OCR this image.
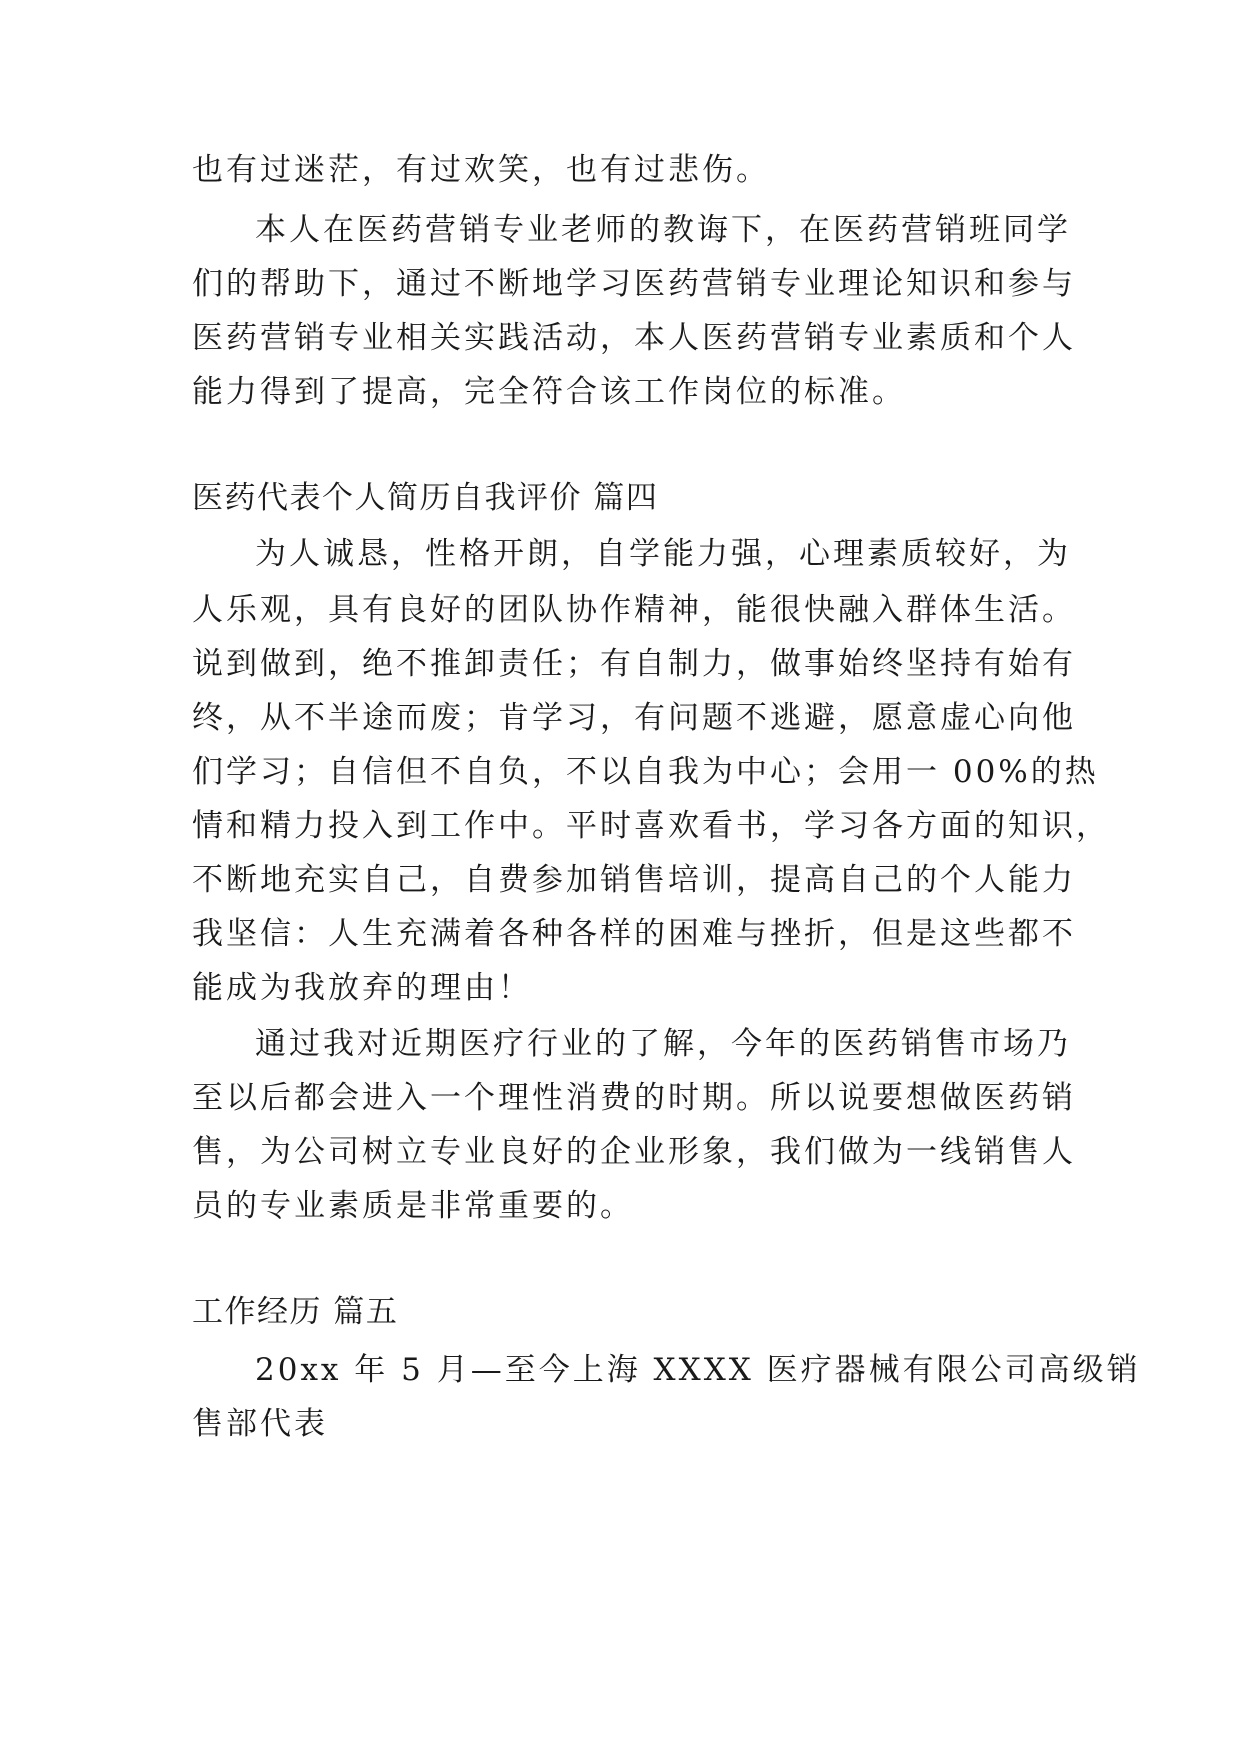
也有过迷茫，有过欢笑，也有过悲伤。
本人在医药营销专业老师的教诲下，在医药营销班同学
们的帮助下，通过不断地学习医药营销专业理论知识和参与
医药营销专业相关实践活动，本人医药营销专业素质和个人
能力得到了提高，完全符合该工作岗位的标准。
医药代表个人简历自我评价 篇四
为人诚恳，性格开朗，自学能力强，心理素质较好，为
人乐观，具有良好的团队协作精神，能很快融入群体生活。
说到做到，绝不推卸责任；有自制力，做事始终坚持有始有
终，从不半途而废；肯学习，有问题不逃避，愿意虚心向他
们学习；自信但不自负，不以自我为中心；会用一 00%的热
情和精力投入到工作中。平时喜欢看书，学习各方面的知识，
不断地充实自己，自费参加销售培训，提高自己的个人能力
我坚信：人生充满着各种各样的困难与挫折，但是这些都不
能成为我放弃的理由！
通过我对近期医疗行业的了解，今年的医药销售市场乃
至以后都会进入一个理性消费的时期。所以说要想做医药销
售，为公司树立专业良好的企业形象，我们做为一线销售人
员的专业素质是非常重要的。
工作经历 篇五
20xx 年 5 月—至今上海 XXXX 医疗器械有限公司高级销
售部代表
